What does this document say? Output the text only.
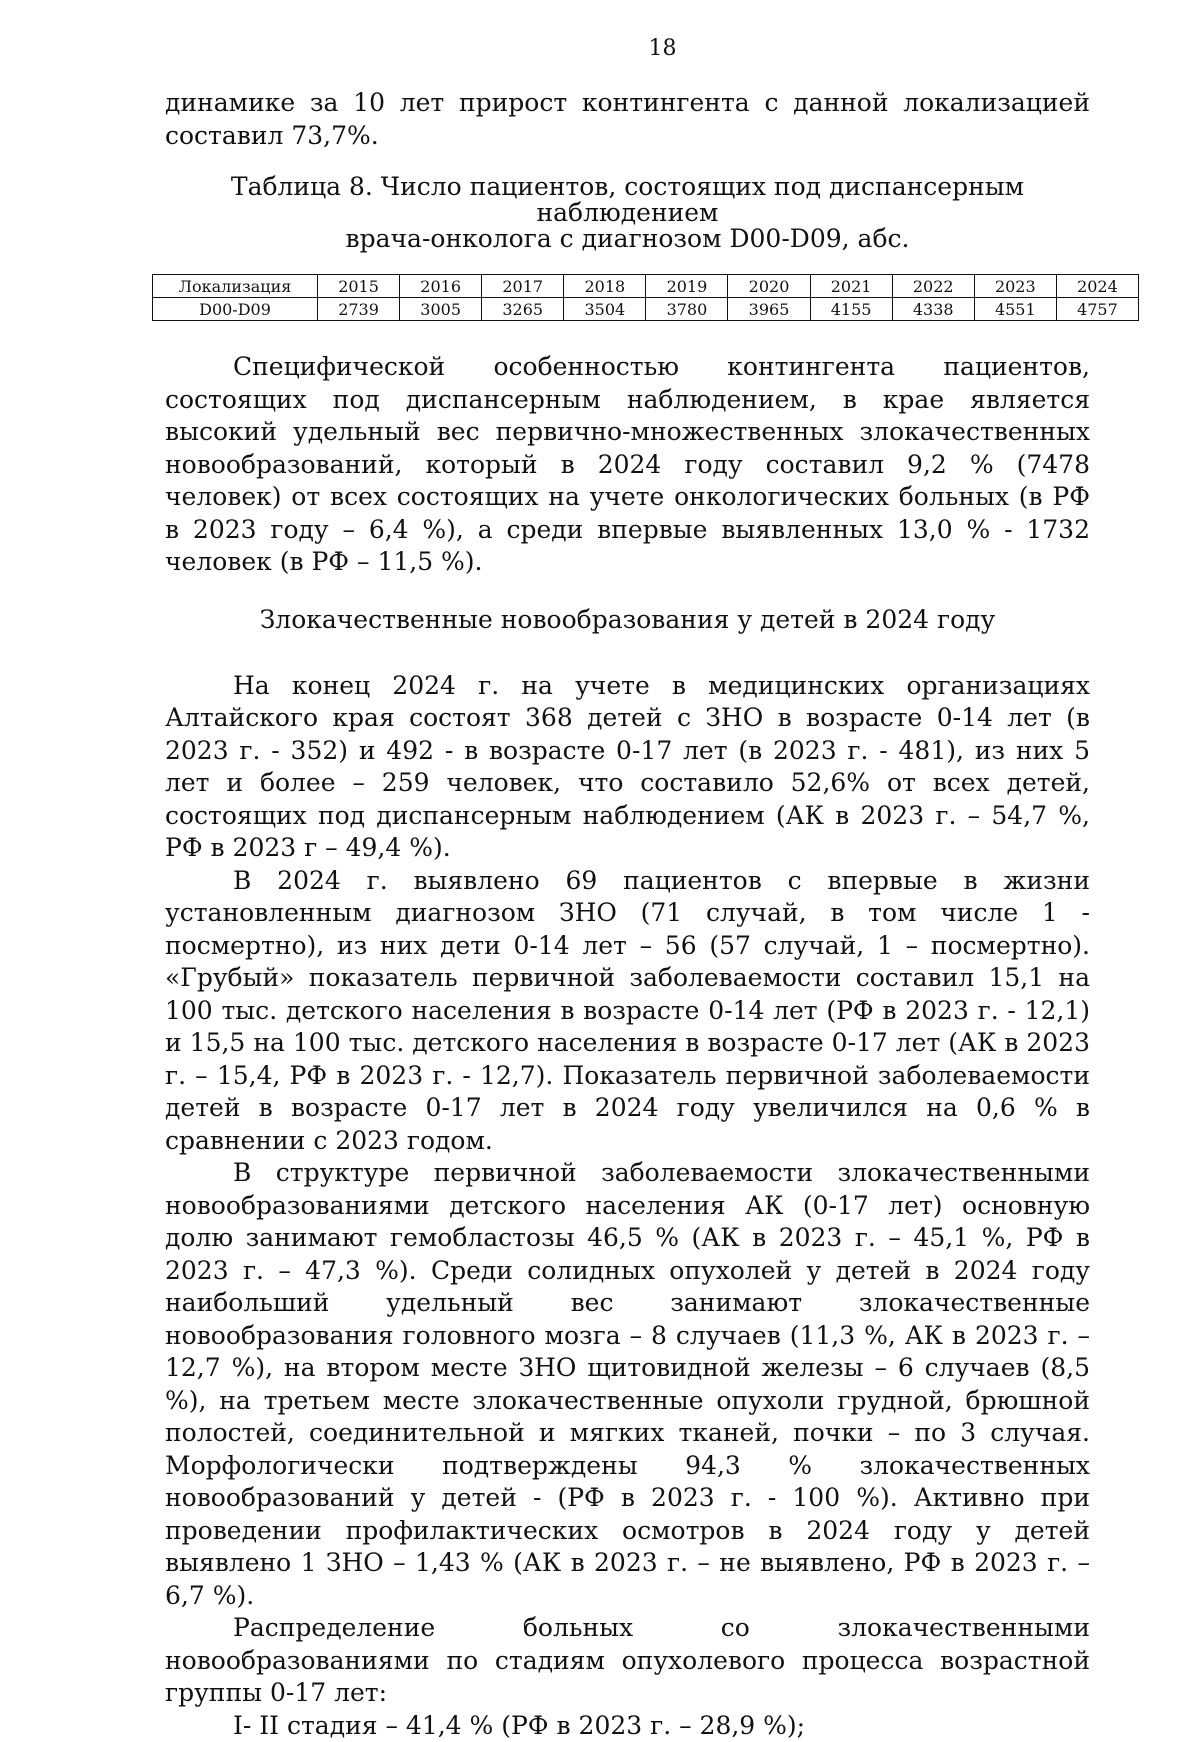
18

динамике за 10 лет прирост контингента с данной локализацией составил 73,7%.

Таблица 8. Число пациентов, состоящих под диспансерным наблюдением
врача-онколога с диагнозом D00-D09, абс.
Локализация	2015	2016	2017	2018	2019	2020	2021	2022	2023	2024
D00-D09	2739	3005	3265	3504	3780	3965	4155	4338	4551	4757

Специфической особенностью контингента пациентов, состоящих под диспансерным наблюдением, в крае является высокий удельный вес первично-множественных злокачественных новообразований, который в 2024 году составил 9,2 % (7478 человек) от всех состоящих на учете онкологических больных (в РФ в 2023 году – 6,4 %), а среди впервые выявленных 13,0 % - 1732 человек (в РФ – 11,5 %).

Злокачественные новообразования у детей в 2024 году

На конец 2024 г. на учете в медицинских организациях Алтайского края состоят 368 детей с ЗНО в возрасте 0-14 лет (в 2023 г. - 352) и 492 - в возрасте 0-17 лет (в 2023 г. - 481), из них 5 лет и более – 259 человек, что составило 52,6% от всех детей, состоящих под диспансерным наблюдением (АК в 2023 г. – 54,7 %, РФ в 2023 г – 49,4 %).

В 2024 г. выявлено 69 пациентов с впервые в жизни установленным диагнозом ЗНО (71 случай, в том числе 1 - посмертно), из них дети 0-14 лет – 56 (57 случай, 1 – посмертно). «Грубый» показатель первичной заболеваемости составил 15,1 на 100 тыс. детского населения в возрасте 0-14 лет (РФ в 2023 г. - 12,1) и 15,5 на 100 тыс. детского населения в возрасте 0-17 лет (АК в 2023 г. – 15,4, РФ в 2023 г. - 12,7). Показатель первичной заболеваемости детей в возрасте 0-17 лет в 2024 году увеличился на 0,6 % в сравнении с 2023 годом.

В структуре первичной заболеваемости злокачественными новообразованиями детского населения АК (0-17 лет) основную долю занимают гемобластозы 46,5 % (АК в 2023 г. – 45,1 %, РФ в 2023 г. – 47,3 %). Среди солидных опухолей у детей в 2024 году наибольший удельный вес занимают злокачественные новообразования головного мозга – 8 случаев (11,3 %, АК в 2023 г. – 12,7 %), на втором месте ЗНО щитовидной железы – 6 случаев (8,5 %), на третьем месте злокачественные опухоли грудной, брюшной полостей, соединительной и мягких тканей, почки – по 3 случая. Морфологически подтверждены 94,3 % злокачественных новообразований у детей - (РФ в 2023 г. - 100 %). Активно при проведении профилактических осмотров в 2024 году у детей выявлено 1 ЗНО – 1,43 % (АК в 2023 г. – не выявлено, РФ в 2023 г. – 6,7 %).

Распределение больных со злокачественными новообразованиями по стадиям опухолевого процесса возрастной группы 0-17 лет:

I- II стадия – 41,4 % (РФ в 2023 г. – 28,9 %);
